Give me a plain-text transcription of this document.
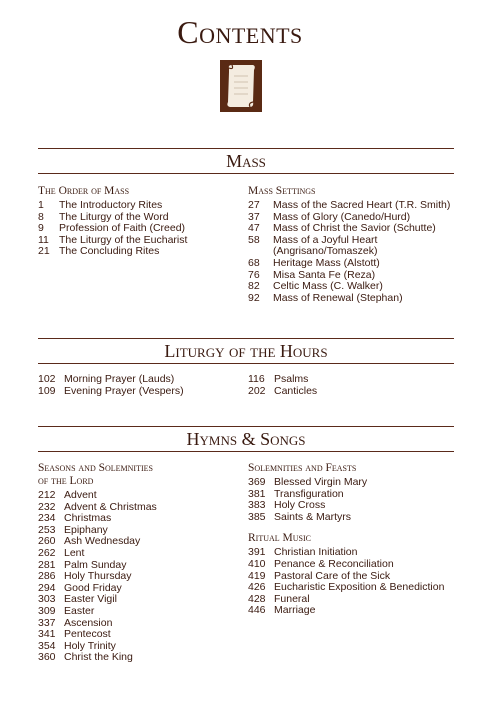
Contents
Mass
The Order of Mass
1	The Introductory Rites
8	The Liturgy of the Word
9	Profession of Faith (Creed)
11 The Liturgy of the Eucharist
21 The Concluding Rites
Mass Settings
27	Mass of the Sacred Heart (T.R. Smith)
37	Mass of Glory (Canedo/Hurd)
47	Mass of Christ the Savior (Schutte)
58	Mass of a Joyful Heart
(Angrisano/Tomaszek)
68	Heritage Mass (Alstott)
76	Misa Santa Fe (Reza)
82	Celtic Mass (C. Walker)
92	Mass of Renewal (Stephan)
Liturgy of the Hours
102 Morning Prayer (Lauds)
109 Evening Prayer (Vespers)
116 Psalms
202 Canticles
Hymns & Songs
Seasons and Solemnities
of the Lord
212 Advent
232 Advent & Christmas
234 Christmas
253 Epiphany
260 Ash Wednesday
262 Lent
281 Palm Sunday
286 Holy Thursday
294 Good Friday
303 Easter Vigil
309 Easter
337 Ascension
341 Pentecost
354 Holy Trinity
360 Christ the King
Solemnities and Feasts
369 Blessed Virgin Mary
381 Transfiguration
383 Holy Cross
385 Saints & Martyrs
Ritual Music
391 Christian Initiation
410 Penance & Reconciliation
419 Pastoral Care of the Sick
426 Eucharistic Exposition & Benediction
428 Funeral
446 Marriage
